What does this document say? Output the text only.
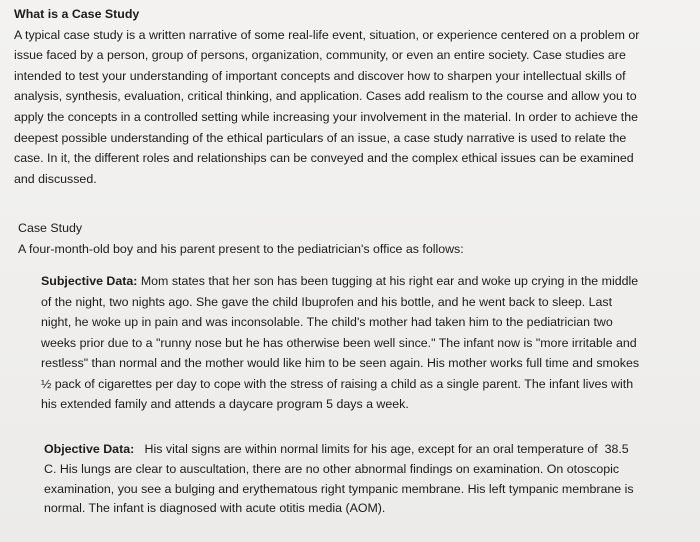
What is a Case Study

A typical case study is a written narrative of some real-life event, situation, or experience centered on a problem or issue faced by a person, group of persons, organization, community, or even an entire society. Case studies are intended to test your understanding of important concepts and discover how to sharpen your intellectual skills of analysis, synthesis, evaluation, critical thinking, and application. Cases add realism to the course and allow you to apply the concepts in a controlled setting while increasing your involvement in the material. In order to achieve the deepest possible understanding of the ethical particulars of an issue, a case study narrative is used to relate the case. In it, the different roles and relationships can be conveyed and the complex ethical issues can be examined and discussed.

Case Study

A four-month-old boy and his parent present to the pediatrician's office as follows:

Subjective Data: Mom states that her son has been tugging at his right ear and woke up crying in the middle of the night, two nights ago. She gave the child Ibuprofen and his bottle, and he went back to sleep. Last night, he woke up in pain and was inconsolable. The child's mother had taken him to the pediatrician two weeks prior due to a "runny nose but he has otherwise been well since." The infant now is "more irritable and restless" than normal and the mother would like him to be seen again. His mother works full time and smokes ½ pack of cigarettes per day to cope with the stress of raising a child as a single parent. The infant lives with his extended family and attends a daycare program 5 days a week.

Objective Data:   His vital signs are within normal limits for his age, except for an oral temperature of  38.5 C. His lungs are clear to auscultation, there are no other abnormal findings on examination. On otoscopic examination, you see a bulging and erythematous right tympanic membrane. His left tympanic membrane is normal. The infant is diagnosed with acute otitis media (AOM).
